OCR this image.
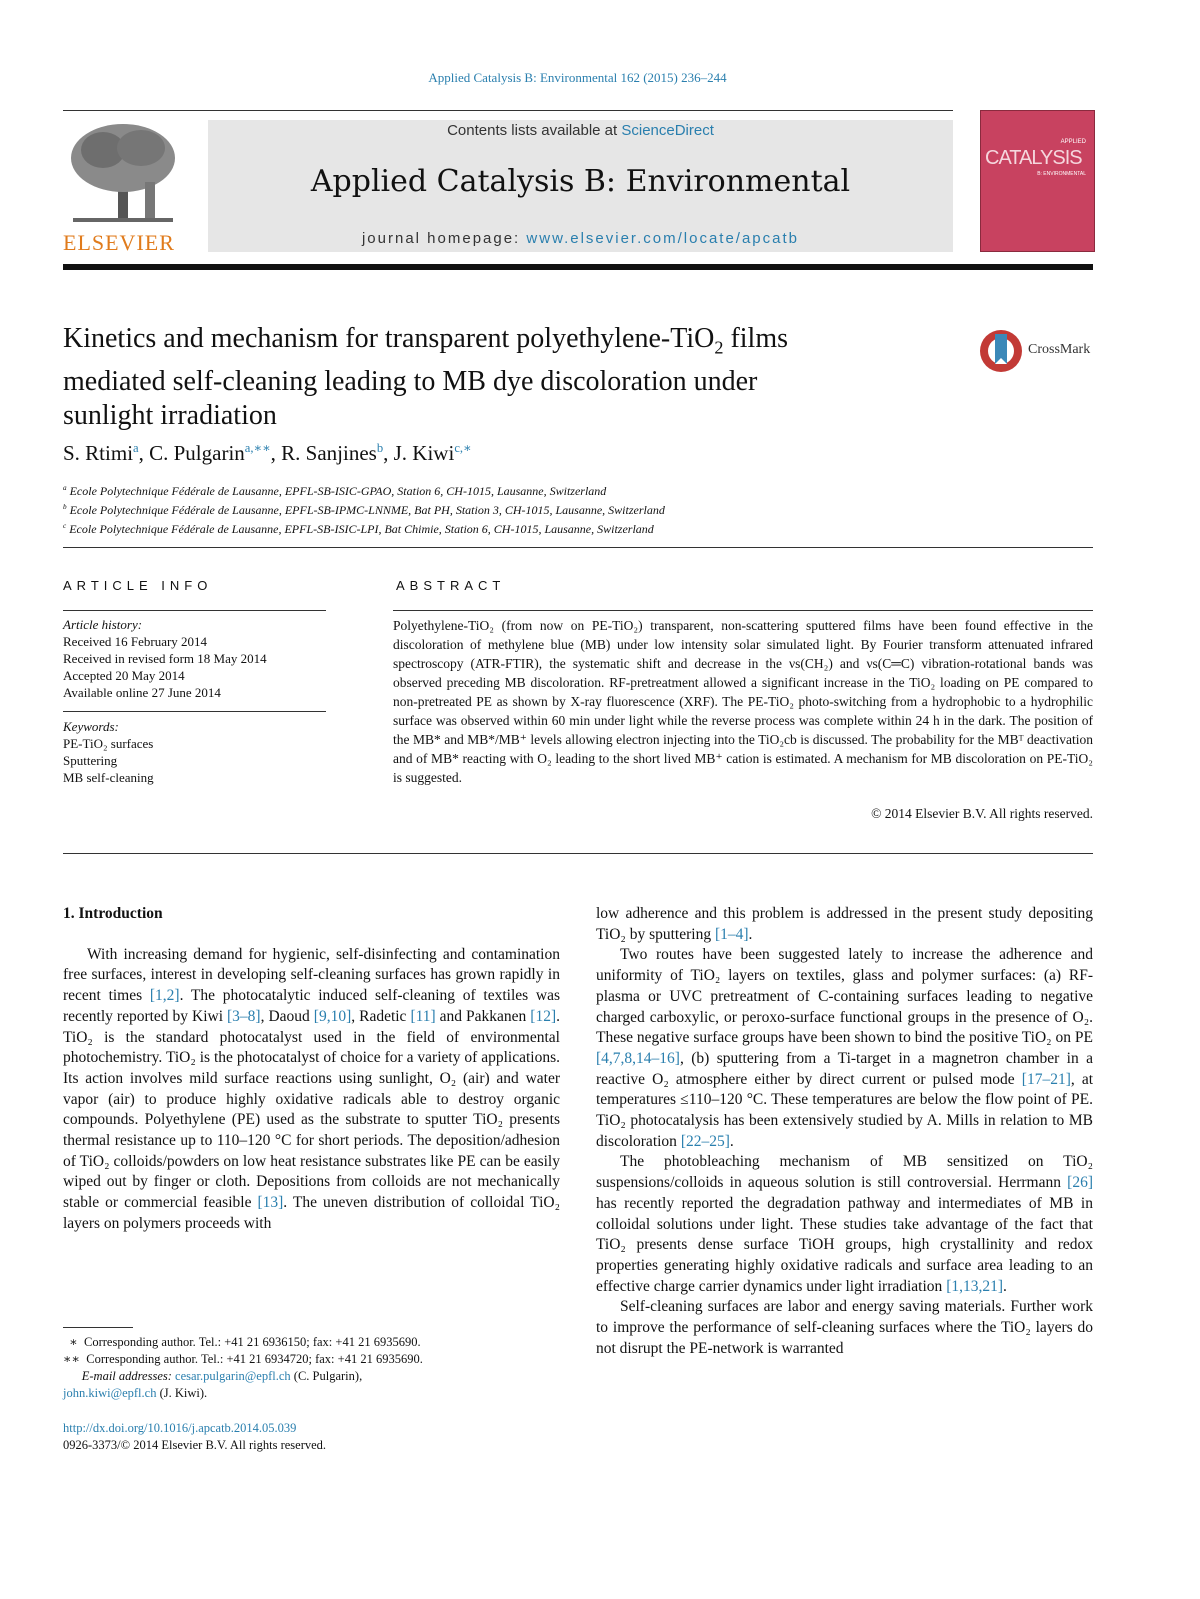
Applied Catalysis B: Environmental 162 (2015) 236–244
ELSEVIER
Contents lists available at ScienceDirect
Applied Catalysis B: Environmental
journal homepage: www.elsevier.com/locate/apcatb
APPLIED
CATALYSIS
B: ENVIRONMENTAL
Kinetics and mechanism for transparent polyethylene-TiO$_2$ films
mediated self-cleaning leading to MB dye discoloration under
sunlight irradiation
CrossMark
S. Rtimi$^a$, C. Pulgarin$^{a,∗∗}$, R. Sanjines$^b$, J. Kiwi$^{c,∗}$
$^a$ Ecole Polytechnique Fédérale de Lausanne, EPFL-SB-ISIC-GPAO, Station 6, CH-1015, Lausanne, Switzerland
$^b$ Ecole Polytechnique Fédérale de Lausanne, EPFL-SB-IPMC-LNNME, Bat PH, Station 3, CH-1015, Lausanne, Switzerland
$^c$ Ecole Polytechnique Fédérale de Lausanne, EPFL-SB-ISIC-LPI, Bat Chimie, Station 6, CH-1015, Lausanne, Switzerland
ARTICLE INFO
Article history:
Received 16 February 2014
Received in revised form 18 May 2014
Accepted 20 May 2014
Available online 27 June 2014
Keywords:
PE-TiO₂ surfaces
Sputtering
MB self-cleaning
ABSTRACT
Polyethylene-TiO₂ (from now on PE-TiO₂) transparent, non-scattering sputtered films have been found effective in the discoloration of methylene blue (MB) under low intensity solar simulated light. By Fourier transform attenuated infrared spectroscopy (ATR-FTIR), the systematic shift and decrease in the νs(CH₂) and νs(C═C) vibration-rotational bands was observed preceding MB discoloration. RF-pretreatment allowed a significant increase in the TiO₂ loading on PE compared to non-pretreated PE as shown by X-ray fluorescence (XRF). The PE-TiO₂ photo-switching from a hydrophobic to a hydrophilic surface was observed within 60 min under light while the reverse process was complete within 24 h in the dark. The position of the MB* and MB*/MB⁺ levels allowing electron injecting into the TiO₂cb is discussed. The probability for the MBᵀ deactivation and of MB* reacting with O₂ leading to the short lived MB⁺ cation is estimated. A mechanism for MB discoloration on PE-TiO₂ is suggested.
© 2014 Elsevier B.V. All rights reserved.
1. Introduction

With increasing demand for hygienic, self-disinfecting and contamination free surfaces, interest in developing self-cleaning surfaces has grown rapidly in recent times [1,2]. The photocatalytic induced self-cleaning of textiles was recently reported by Kiwi [3–8], Daoud [9,10], Radetic [11] and Pakkanen [12]. TiO₂ is the standard photocatalyst used in the field of environmental photochemistry. TiO₂ is the photocatalyst of choice for a variety of applications. Its action involves mild surface reactions using sunlight, O₂ (air) and water vapor (air) to produce highly oxidative radicals able to destroy organic compounds. Polyethylene (PE) used as the substrate to sputter TiO₂ presents thermal resistance up to 110–120 °C for short periods. The deposition/adhesion of TiO₂ colloids/powders on low heat resistance substrates like PE can be easily wiped out by finger or cloth. Depositions from colloids are not mechanically stable or commercial feasible [13]. The uneven distribution of colloidal TiO₂ layers on polymers proceeds with

low adherence and this problem is addressed in the present study depositing TiO₂ by sputtering [1–4].

Two routes have been suggested lately to increase the adherence and uniformity of TiO₂ layers on textiles, glass and polymer surfaces: (a) RF-plasma or UVC pretreatment of C-containing surfaces leading to negative charged carboxylic, or peroxo-surface functional groups in the presence of O₂. These negative surface groups have been shown to bind the positive TiO₂ on PE [4,7,8,14–16], (b) sputtering from a Ti-target in a magnetron chamber in a reactive O₂ atmosphere either by direct current or pulsed mode [17–21], at temperatures ≤110–120 °C. These temperatures are below the flow point of PE. TiO₂ photocatalysis has been extensively studied by A. Mills in relation to MB discoloration [22–25].

The photobleaching mechanism of MB sensitized on TiO₂ suspensions/colloids in aqueous solution is still controversial. Herrmann [26] has recently reported the degradation pathway and intermediates of MB in colloidal solutions under light. These studies take advantage of the fact that TiO₂ presents dense surface TiOH groups, high crystallinity and redox properties generating highly oxidative radicals and surface area leading to an effective charge carrier dynamics under light irradiation [1,13,21].

Self-cleaning surfaces are labor and energy saving materials. Further work to improve the performance of self-cleaning surfaces where the TiO₂ layers do not disrupt the PE-network is warranted

∗ Corresponding author. Tel.: +41 21 6936150; fax: +41 21 6935690.
∗∗ Corresponding author. Tel.: +41 21 6934720; fax: +41 21 6935690.
E-mail addresses: cesar.pulgarin@epfl.ch (C. Pulgarin),
john.kiwi@epfl.ch (J. Kiwi).
http://dx.doi.org/10.1016/j.apcatb.2014.05.039
0926-3373/© 2014 Elsevier B.V. All rights reserved.
